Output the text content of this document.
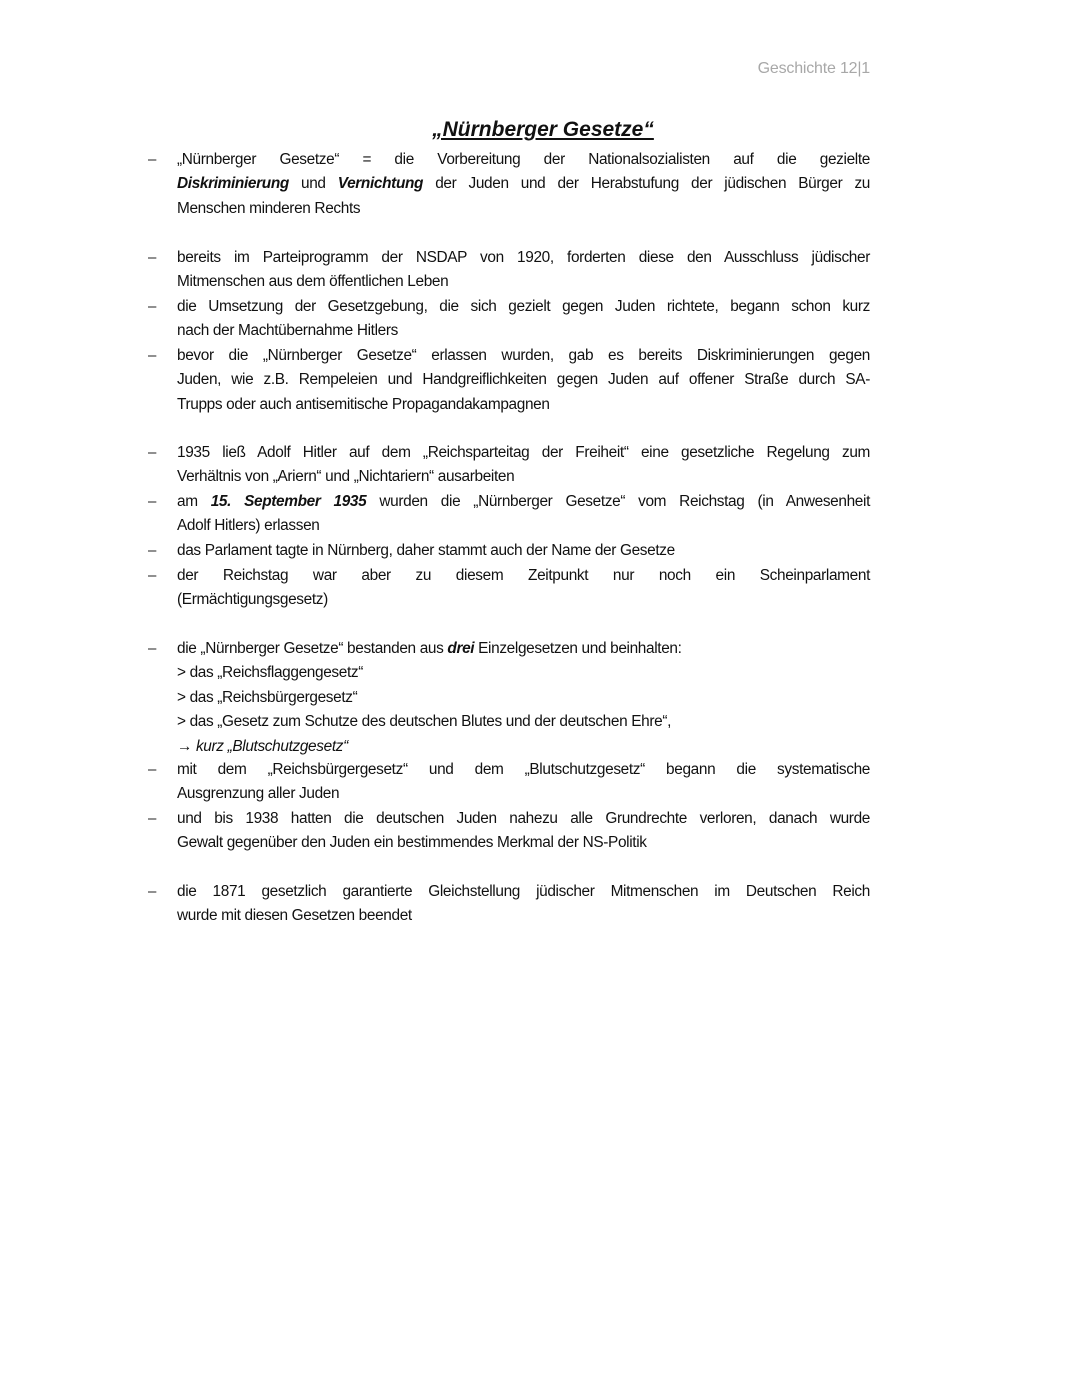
Geschichte 12|1
„Nürnberger Gesetze“
– „Nürnberger Gesetze“ = die Vorbereitung der Nationalsozialisten auf die gezielte
Diskriminierung und Vernichtung der Juden und der Herabstufung der jüdischen Bürger zu
Menschen minderen Rechts
– bereits im Parteiprogramm der NSDAP von 1920, forderten diese den Ausschluss jüdischer
Mitmenschen aus dem öffentlichen Leben
– die Umsetzung der Gesetzgebung, die sich gezielt gegen Juden richtete, begann schon kurz
nach der Machtübernahme Hitlers
– bevor die „Nürnberger Gesetze“ erlassen wurden, gab es bereits Diskriminierungen gegen
Juden, wie z.B. Rempeleien und Handgreiflichkeiten gegen Juden auf offener Straße durch SA-
Trupps oder auch antisemitische Propagandakampagnen
– 1935 ließ Adolf Hitler auf dem „Reichsparteitag der Freiheit“ eine gesetzliche Regelung zum
Verhältnis von „Ariern“ und „Nichtariern“ ausarbeiten
– am 15. September 1935 wurden die „Nürnberger Gesetze“ vom Reichstag (in Anwesenheit
Adolf Hitlers) erlassen
– das Parlament tagte in Nürnberg, daher stammt auch der Name der Gesetze
– der Reichstag war aber zu diesem Zeitpunkt nur noch ein Scheinparlament
(Ermächtigungsgesetz)
– die „Nürnberger Gesetze“ bestanden aus drei Einzelgesetzen und beinhalten:
> das „Reichsflaggengesetz“
> das „Reichsbürgergesetz“
> das „Gesetz zum Schutze des deutschen Blutes und der deutschen Ehre“,
→ kurz „Blutschutzgesetz“
– mit dem „Reichsbürgergesetz“ und dem „Blutschutzgesetz“ begann die systematische
Ausgrenzung aller Juden
– und bis 1938 hatten die deutschen Juden nahezu alle Grundrechte verloren, danach wurde
Gewalt gegenüber den Juden ein bestimmendes Merkmal der NS-Politik
– die 1871 gesetzlich garantierte Gleichstellung jüdischer Mitmenschen im Deutschen Reich
wurde mit diesen Gesetzen beendet
